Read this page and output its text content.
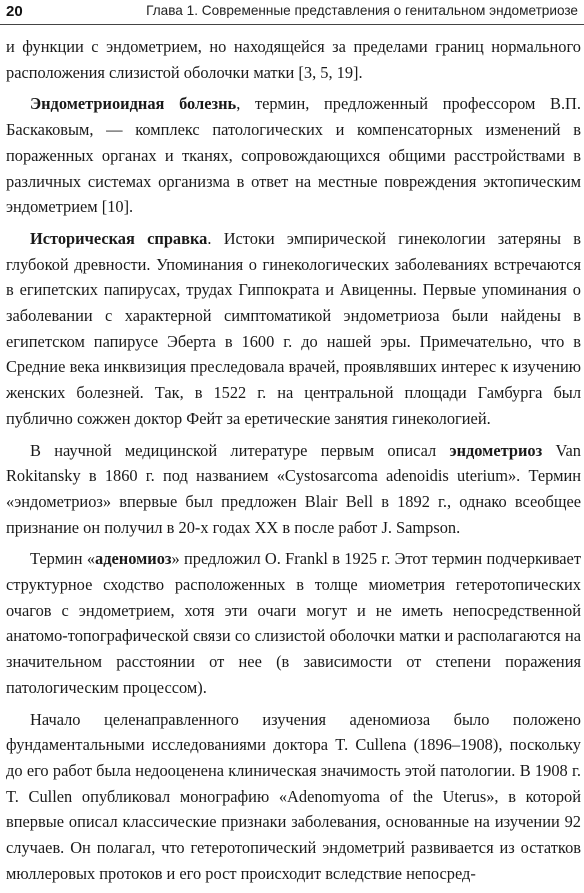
20	Глава 1. Современные представления о генитальном эндометриозе

и функции с эндометрием, но находящейся за пределами границ нормального расположения слизистой оболочки матки [3, 5, 19].

Эндометриоидная болезнь, термин, предложенный профессором В.П. Баскаковым, — комплекс патологических и компенсаторных изменений в пораженных органах и тканях, сопровождающихся общими расстройствами в различных системах организма в ответ на местные повреждения эктопическим эндометрием [10].

Историческая справка. Истоки эмпирической гинекологии затеряны в глубокой древности. Упоминания о гинекологических заболеваниях встречаются в египетских папирусах, трудах Гиппократа и Авиценны. Первые упоминания о заболевании с характерной симптоматикой эндометриоза были найдены в египетском папирусе Эберта в 1600 г. до нашей эры. Примечательно, что в Средние века инквизиция преследовала врачей, проявлявших интерес к изучению женских болезней. Так, в 1522 г. на центральной площади Гамбурга был публично сожжен доктор Фейт за еретические занятия гинекологией.

В научной медицинской литературе первым описал эндометриоз Van Rokitansky в 1860 г. под названием «Cystosarcoma adenoidis uterium». Термин «эндометриоз» впервые был предложен Blair Bell в 1892 г., однако всеобщее признание он получил в 20-х годах XX в после работ J. Sampson.

Термин «аденомиоз» предложил O. Frankl в 1925 г. Этот термин подчеркивает структурное сходство расположенных в толще миометрия гетеротопических очагов с эндометрием, хотя эти очаги могут и не иметь непосредственной анатомо-топографической связи со слизистой оболочки матки и располагаются на значительном расстоянии от нее (в зависимости от степени поражения патологическим процессом).

Начало целенаправленного изучения аденомиоза было положено фундаментальными исследованиями доктора T. Cullena (1896–1908), поскольку до его работ была недооценена клиническая значимость этой патологии. В 1908 г. T. Cullen опубликовал монографию «Adenomyoma of the Uterus», в которой впервые описал классические признаки заболевания, основанные на изучении 92 случаев. Он полагал, что гетеротопический эндометрий развивается из остатков мюллеровых протоков и его рост происходит вследствие непосред-
